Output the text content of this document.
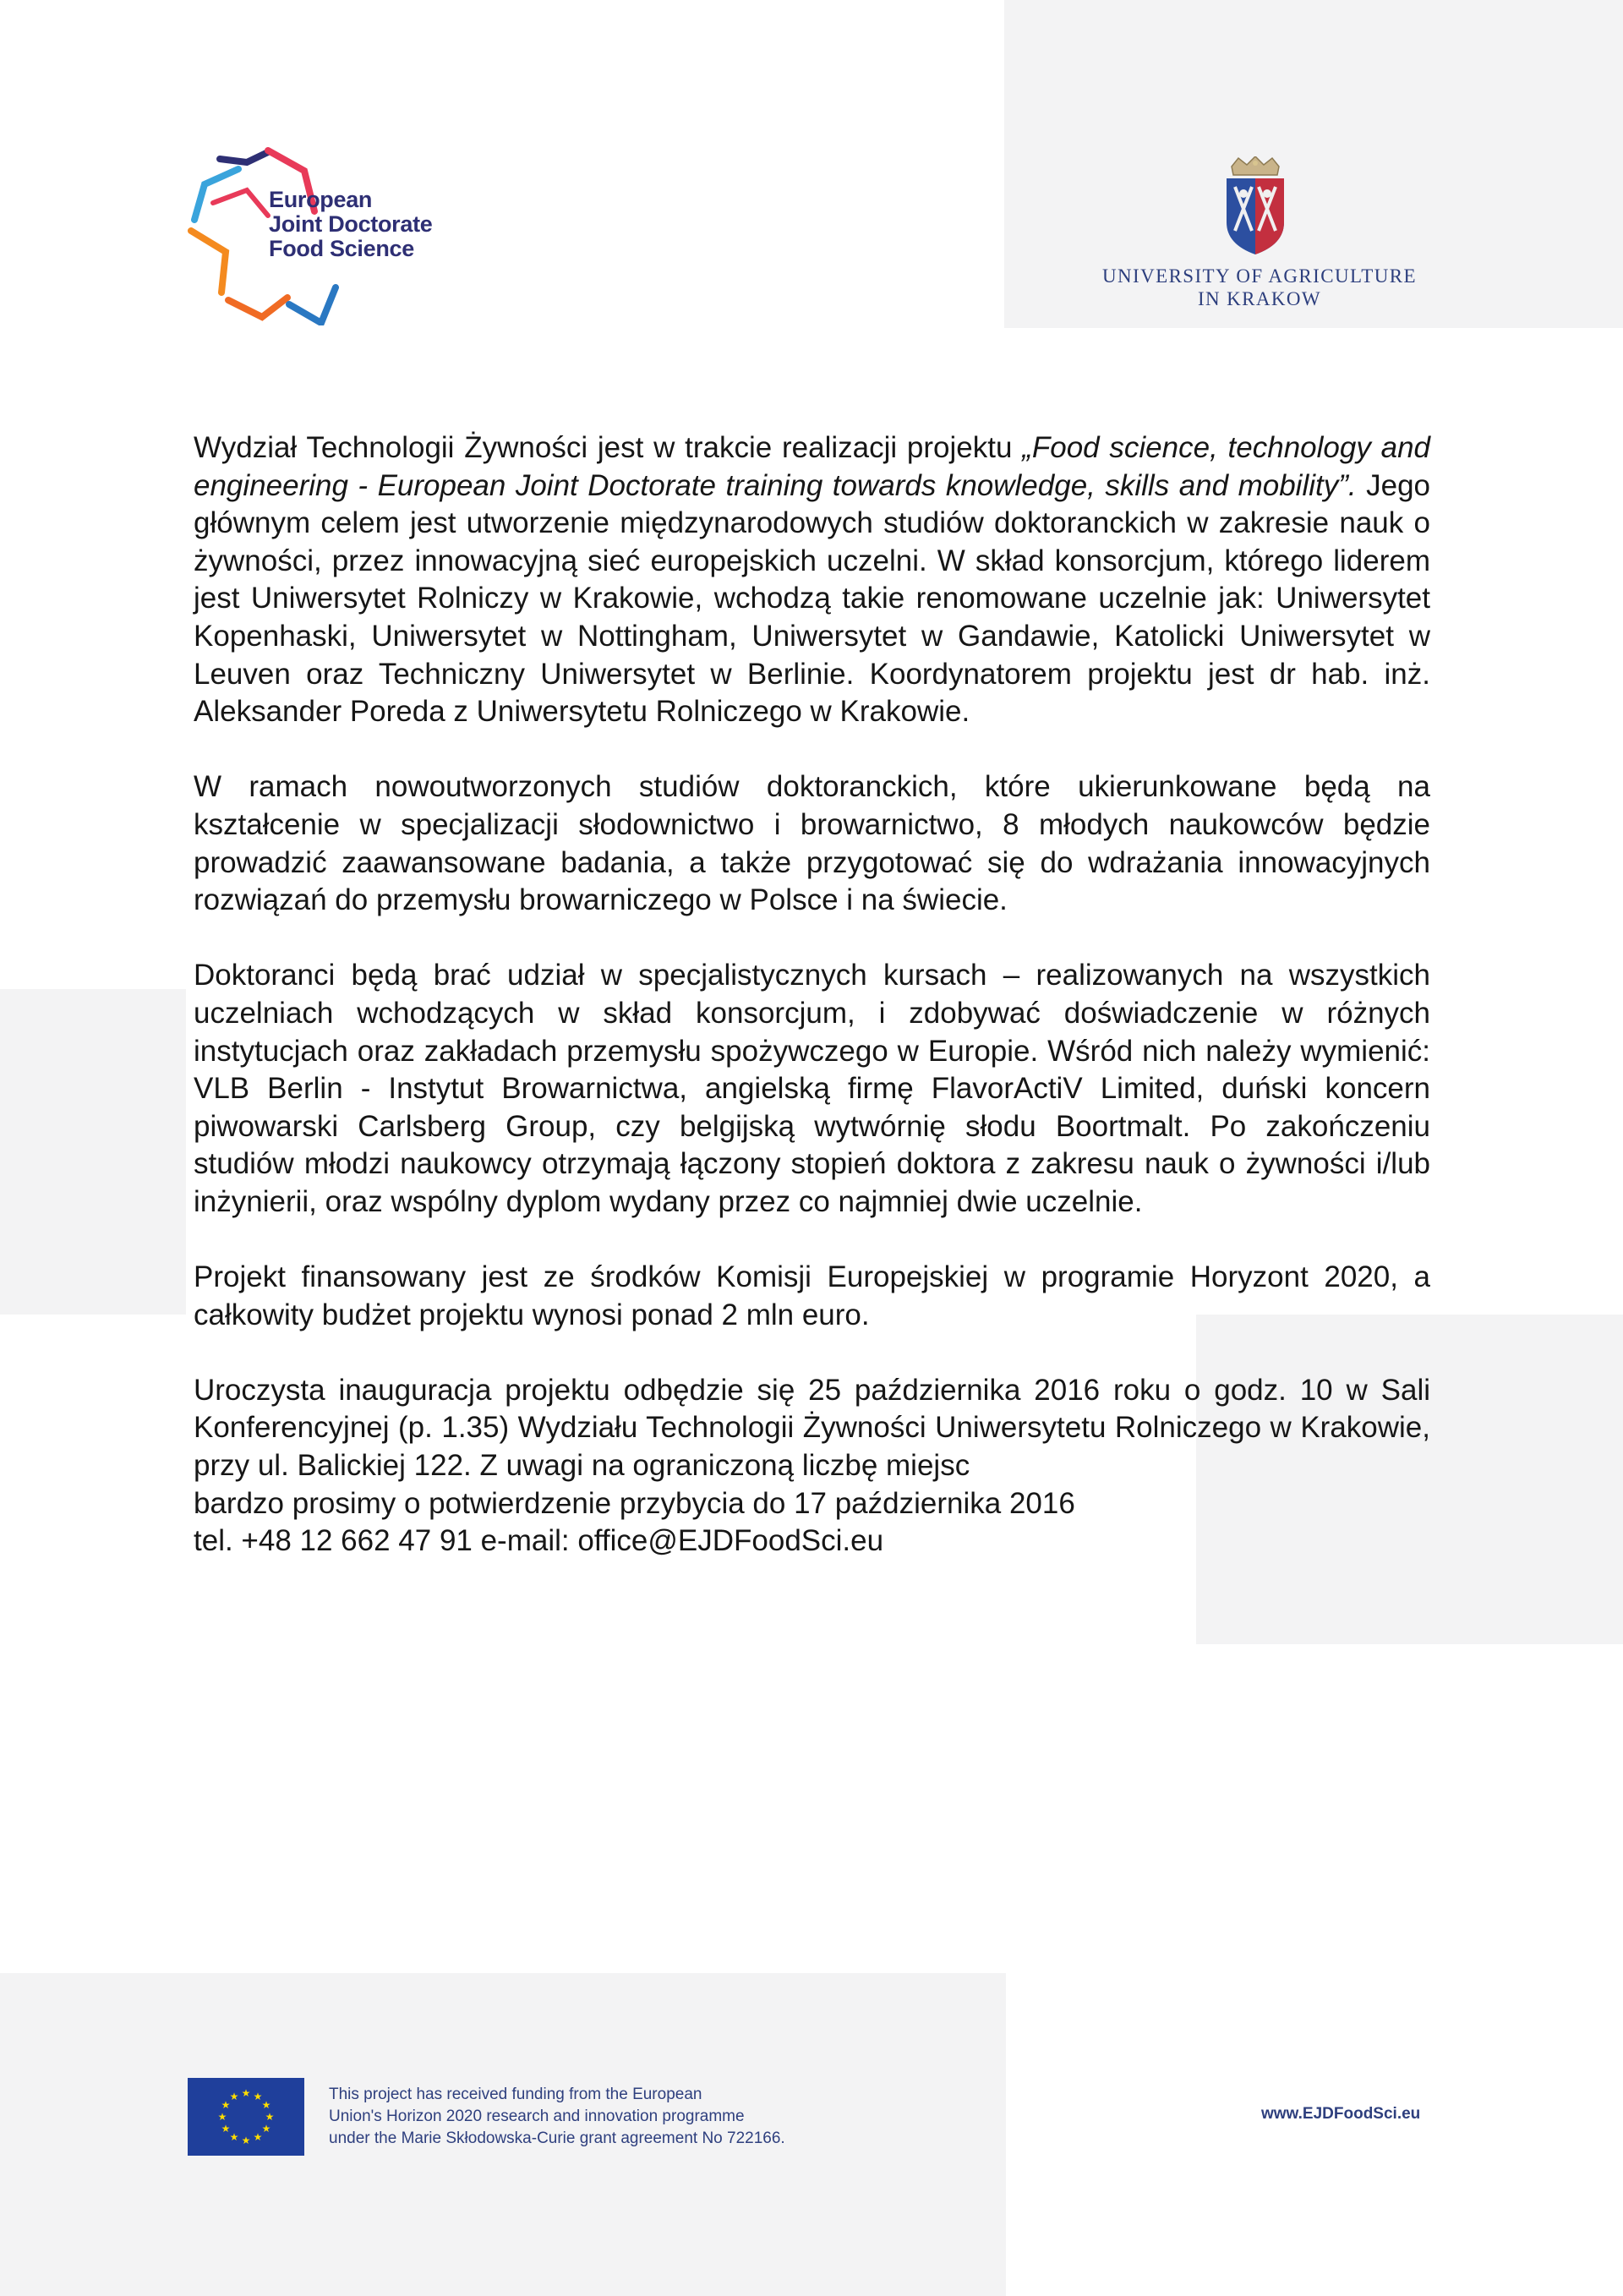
European
Joint Doctorate
Food Science
UNIVERSITY OF AGRICULTURE
IN KRAKOW

Wydział Technologii Żywności jest w trakcie realizacji projektu „Food science, technology and engineering - European Joint Doctorate training towards knowledge, skills and mobility”. Jego głównym celem jest utworzenie międzynarodowych studiów doktoranckich w zakresie nauk o żywności, przez innowacyjną sieć europejskich uczelni. W skład konsorcjum, którego liderem jest Uniwersytet Rolniczy w Krakowie, wchodzą takie renomowane uczelnie jak: Uniwersytet Kopenhaski, Uniwersytet w Nottingham, Uniwersytet w Gandawie, Katolicki Uniwersytet w Leuven oraz Techniczny Uniwersytet w Berlinie. Koordynatorem projektu jest dr hab. inż. Aleksander Poreda z Uniwersytetu Rolniczego w Krakowie.

W ramach nowoutworzonych studiów doktoranckich, które ukierunkowane będą na kształcenie w specjalizacji słodownictwo i browarnictwo, 8 młodych naukowców będzie prowadzić zaawansowane badania, a także przygotować się do wdrażania innowacyjnych rozwiązań do przemysłu browarniczego w Polsce i na świecie.

Doktoranci będą brać udział w specjalistycznych kursach – realizowanych na wszystkich uczelniach wchodzących w skład konsorcjum, i zdobywać doświadczenie w różnych instytucjach oraz zakładach przemysłu spożywczego w Europie. Wśród nich należy wymienić: VLB Berlin - Instytut Browarnictwa, angielską firmę FlavorActiV Limited, duński koncern piwowarski Carlsberg Group, czy belgijską wytwórnię słodu Boortmalt. Po zakończeniu studiów młodzi naukowcy otrzymają łączony stopień doktora z zakresu nauk o żywności i/lub inżynierii, oraz wspólny dyplom wydany przez co najmniej dwie uczelnie.

Projekt finansowany jest ze środków Komisji Europejskiej w programie Horyzont 2020, a całkowity budżet projektu wynosi ponad 2 mln euro.

Uroczysta inauguracja projektu odbędzie się 25 października 2016 roku o godz. 10 w Sali Konferencyjnej (p. 1.35) Wydziału Technologii Żywności Uniwersytetu Rolniczego w Krakowie, przy ul. Balickiej 122. Z uwagi na ograniczoną liczbę miejsc

bardzo prosimy o potwierdzenie przybycia do 17 października 2016

tel. +48 12 662 47 91 e-mail: office@EJDFoodSci.eu

★ ★
★
★
★
★
★
★
★
★
★
★	This project has received funding from the European
Union's Horizon 2020 research and innovation programme
under the Marie Skłodowska-Curie grant agreement No 722166.
www.EJDFoodSci.eu
